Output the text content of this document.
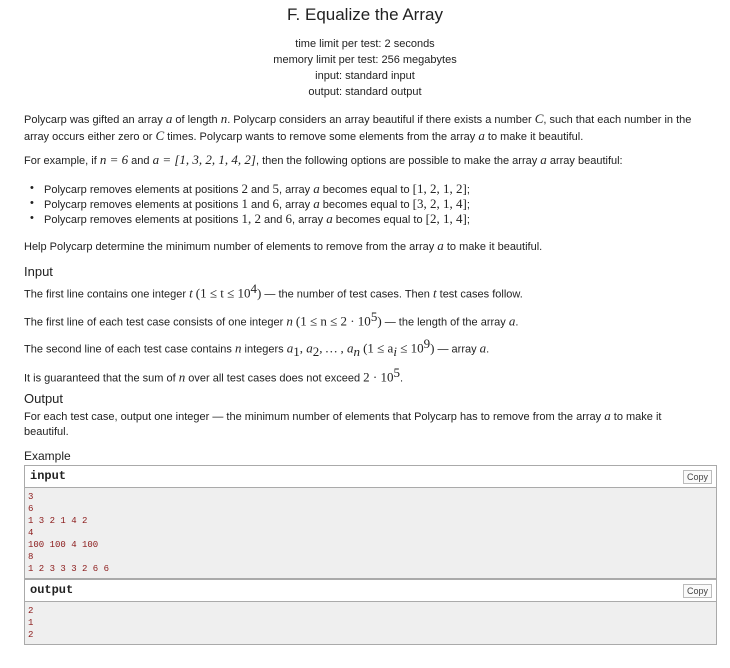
F. Equalize the Array
time limit per test: 2 seconds
memory limit per test: 256 megabytes
input: standard input
output: standard output
Polycarp was gifted an array a of length n. Polycarp considers an array beautiful if there exists a number C, such that each number in the
array occurs either zero or C times. Polycarp wants to remove some elements from the array a to make it beautiful.
For example, if n = 6 and a = [1, 3, 2, 1, 4, 2], then the following options are possible to make the array a array beautiful:
• Polycarp removes elements at positions 2 and 5, array a becomes equal to [1, 2, 1, 2];
• Polycarp removes elements at positions 1 and 6, array a becomes equal to [3, 2, 1, 4];
• Polycarp removes elements at positions 1, 2 and 6, array a becomes equal to [2, 1, 4];
Help Polycarp determine the minimum number of elements to remove from the array a to make it beautiful.
Input
The first line contains one integer t $(1 \le t \le 10^4)$ — the number of test cases. Then t test cases follow.
The first line of each test case consists of one integer n $(1 \le n \le 2 \cdot 10^5)$ — the length of the array a.
The second line of each test case contains n integers $a_1$, $a_2$, … , $a_n$ $(1 \le a_i \le 10^9)$ — array a.
It is guaranteed that the sum of n over all test cases does not exceed $2 \cdot 10^5$.
Output
For each test case, output one integer — the minimum number of elements that Polycarp has to remove from the array a to make it
beautiful.
Example
input	Copy
3
6
1 3 2 1 4 2
4
100 100 4 100
8
1 2 3 3 3 2 6 6
output	Copy
2
1
2
